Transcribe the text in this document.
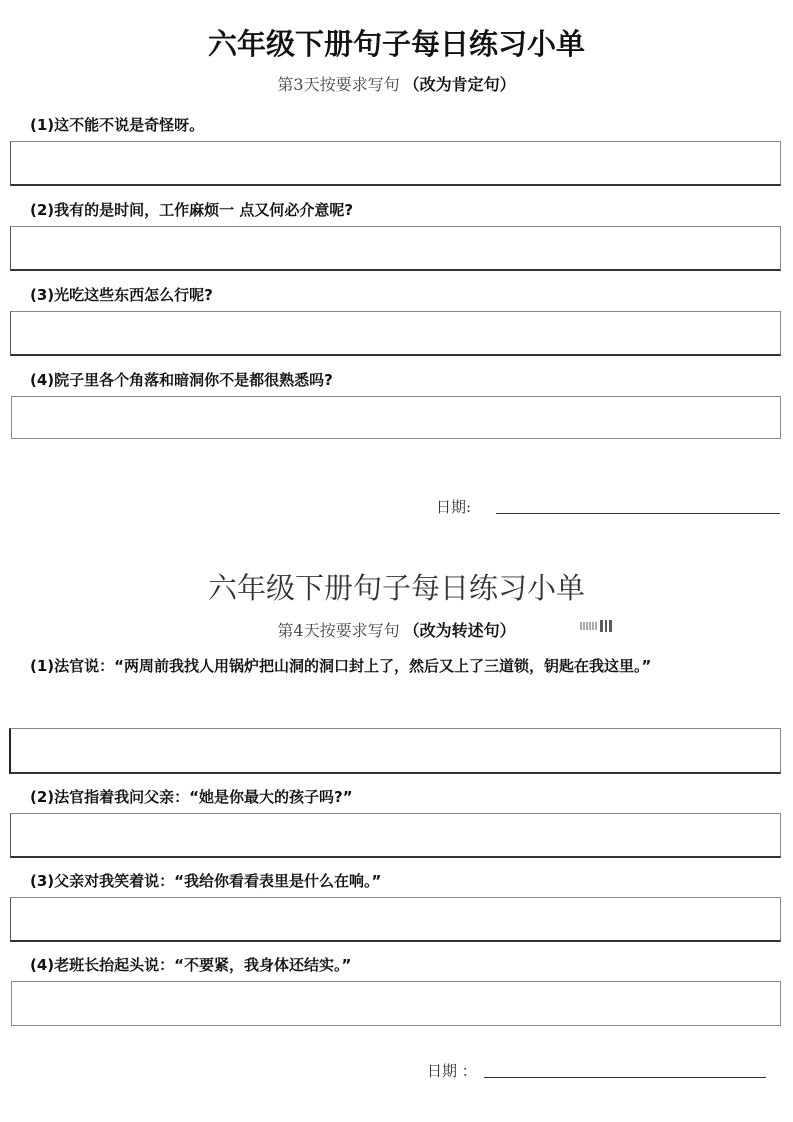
六年级下册句子每日练习小单
第3天按要求写句 （改为肯定句）
(1)这不能不说是奇怪呀。
(2)我有的是时间，工作麻烦一 点又何必介意呢?
(3)光吃这些东西怎么行呢?
(4)院子里各个角落和暗洞你不是都很熟悉吗?
日期:
六年级下册句子每日练习小单
第4天按要求写句 （改为转述句）
(1)法官说：“两周前我找人用锅炉把山洞的洞口封上了，然后又上了三道锁，钥匙在我这里。”
(2)法官指着我问父亲：“她是你最大的孩子吗?”
(3)父亲对我笑着说：“我给你看看表里是什么在响。”
(4)老班长抬起头说：“不要紧，我身体还结实。”
日期 ：
